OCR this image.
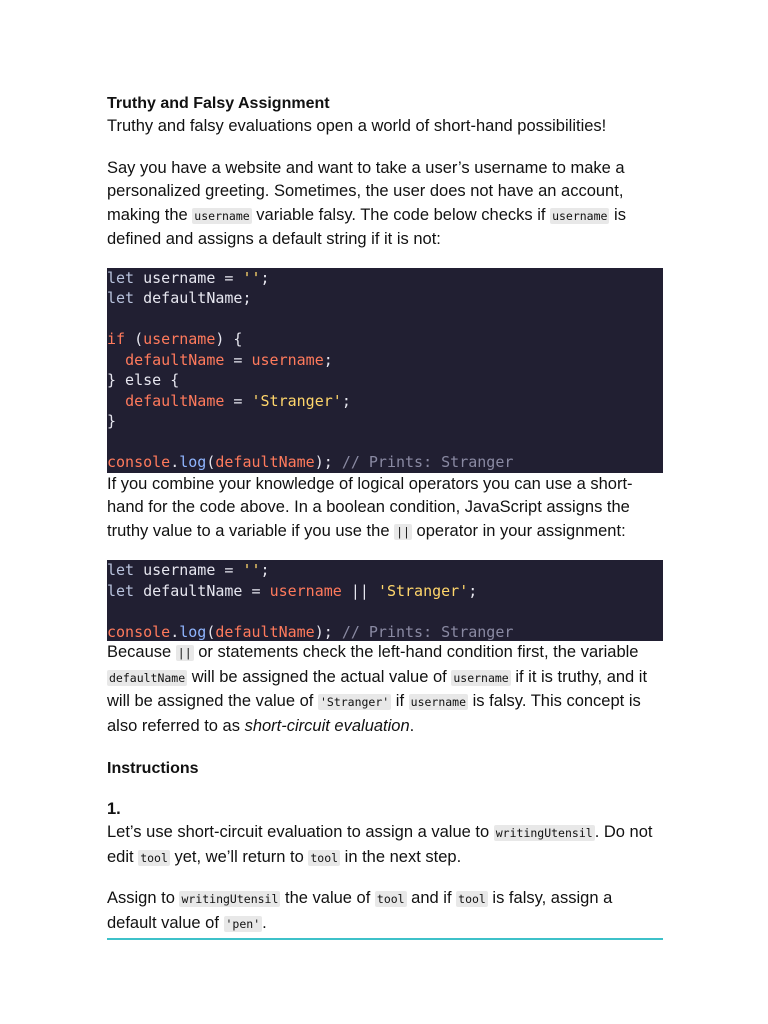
Truthy and Falsy Assignment

Truthy and falsy evaluations open a world of short-hand possibilities!

Say you have a website and want to take a user’s username to make a personalized greeting. Sometimes, the user does not have an account, making the username variable falsy. The code below checks if username is defined and assigns a default string if it is not:

let username = '';
let defaultName;

if (username) {
defaultName = username;
} else {
defaultName = 'Stranger';
}

console.log(defaultName); // Prints: Stranger

If you combine your knowledge of logical operators you can use a short-hand for the code above. In a boolean condition, JavaScript assigns the truthy value to a variable if you use the || operator in your assignment:

let username = '';
let defaultName = username || 'Stranger';

console.log(defaultName); // Prints: Stranger

Because || or statements check the left-hand condition first, the variable defaultName will be assigned the actual value of username if it is truthy, and it will be assigned the value of 'Stranger' if username is falsy. This concept is also referred to as short-circuit evaluation.

Instructions
1.

Let’s use short-circuit evaluation to assign a value to writingUtensil . Do not edit tool yet, we’ll return to tool in the next step.

Assign to writingUtensil the value of tool and if tool is falsy, assign a default value of 'pen' .
